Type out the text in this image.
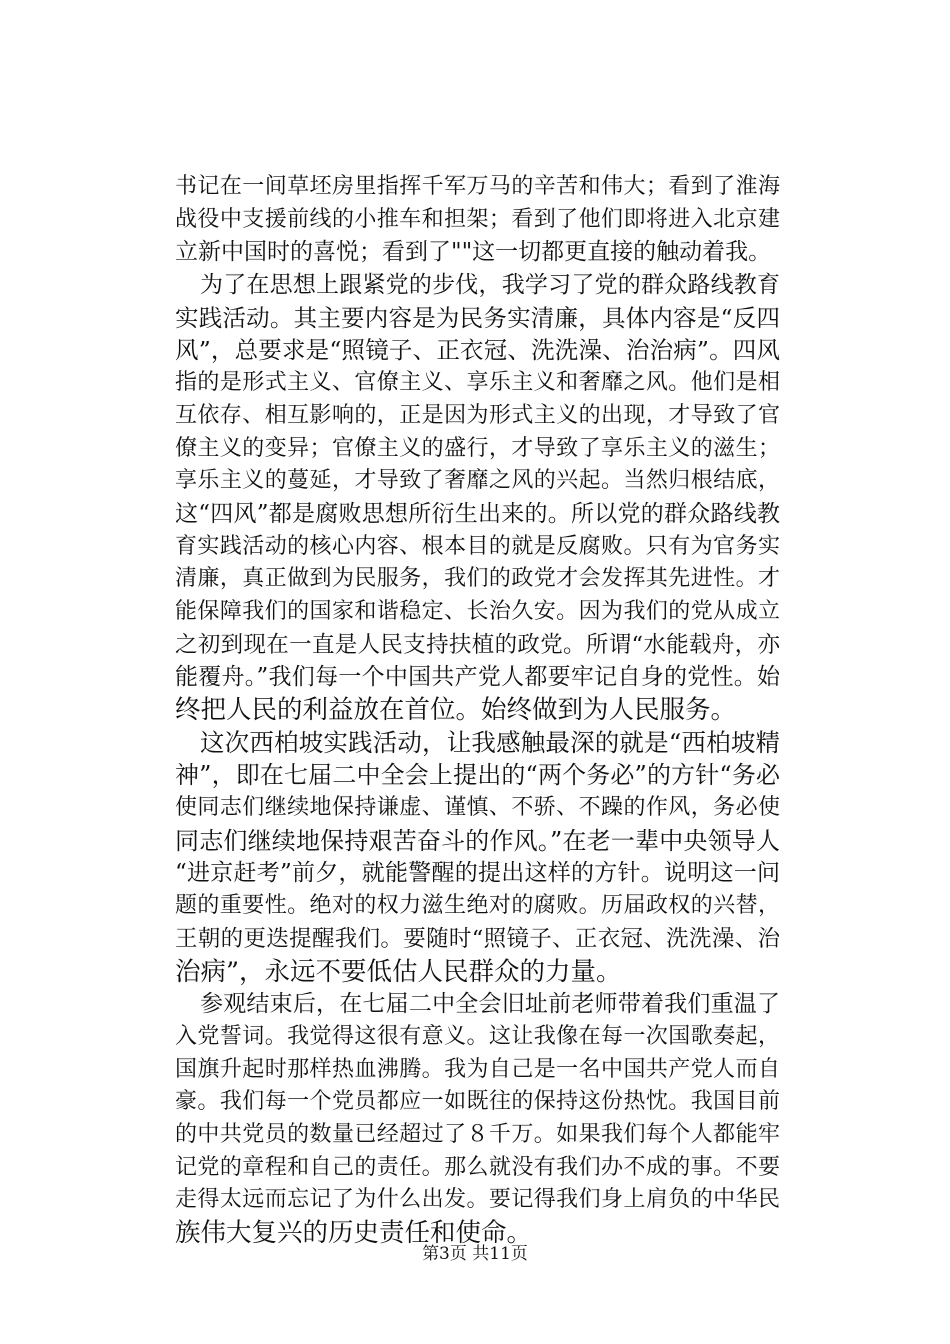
书记在一间草坯房里指挥千军万马的辛苦和伟大；看到了淮海
战役中支援前线的小推车和担架；看到了他们即将进入北京建
立新中国时的喜悦；看到了""这一切都更直接的触动着我。
为了在思想上跟紧党的步伐，我学习了党的群众路线教育
实践活动。其主要内容是为民务实清廉，具体内容是“反四
风”，总要求是“照镜子、正衣冠、洗洗澡、治治病”。四风
指的是形式主义、官僚主义、享乐主义和奢靡之风。他们是相
互依存、相互影响的，正是因为形式主义的出现，才导致了官
僚主义的变异；官僚主义的盛行，才导致了享乐主义的滋生；
享乐主义的蔓延，才导致了奢靡之风的兴起。当然归根结底，
这“四风”都是腐败思想所衍生出来的。所以党的群众路线教
育实践活动的核心内容、根本目的就是反腐败。只有为官务实
清廉，真正做到为民服务，我们的政党才会发挥其先进性。才
能保障我们的国家和谐稳定、长治久安。因为我们的党从成立
之初到现在一直是人民支持扶植的政党。所谓“水能载舟，亦
能覆舟。”我们每一个中国共产党人都要牢记自身的党性。始
终把人民的利益放在首位。始终做到为人民服务。
这次西柏坡实践活动，让我感触最深的就是“西柏坡精
神”，即在七届二中全会上提出的“两个务必”的方针“务必
使同志们继续地保持谦虚、谨慎、不骄、不躁的作风，务必使
同志们继续地保持艰苦奋斗的作风。”在老一辈中央领导人
“进京赶考”前夕，就能警醒的提出这样的方针。说明这一问
题的重要性。绝对的权力滋生绝对的腐败。历届政权的兴替，
王朝的更迭提醒我们。要随时“照镜子、正衣冠、洗洗澡、治
治病”，永远不要低估人民群众的力量。
参观结束后，在七届二中全会旧址前老师带着我们重温了
入党誓词。我觉得这很有意义。这让我像在每一次国歌奏起，
国旗升起时那样热血沸腾。我为自己是一名中国共产党人而自
豪。我们每一个党员都应一如既往的保持这份热忱。我国目前
的中共党员的数量已经超过了８千万。如果我们每个人都能牢
记党的章程和自己的责任。那么就没有我们办不成的事。不要
走得太远而忘记了为什么出发。要记得我们身上肩负的中华民
族伟大复兴的历史责任和使命。
第3页 共11页
